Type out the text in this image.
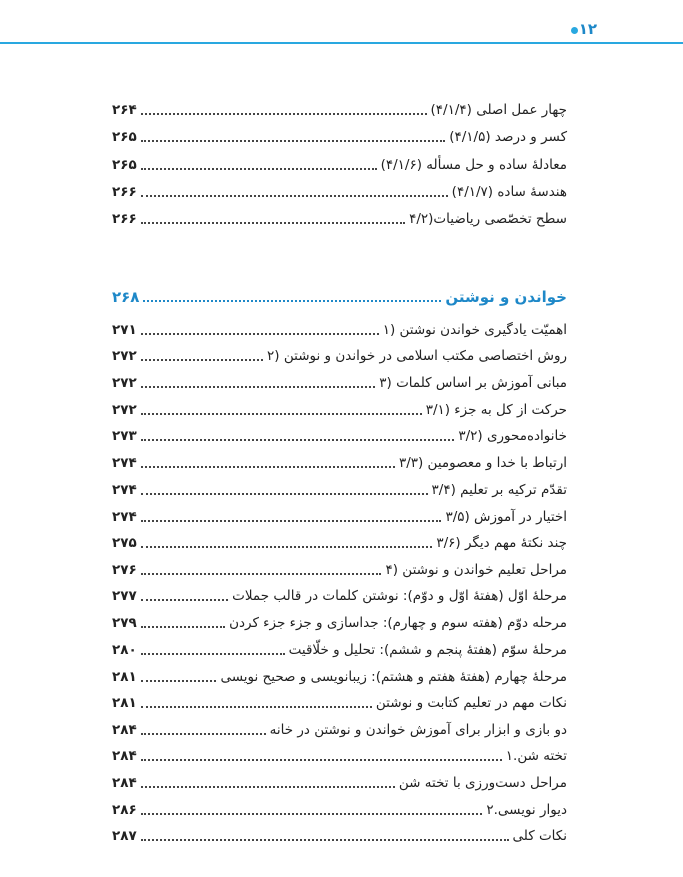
۱۲
(۴/۱/۴) چهار عمل اصلی
۲۶۴
(۴/۱/۵) کسر و درصد
۲۶۵
(۴/۱/۶) معادلهٔ ساده و حل مسأله
۲۶۵
(۴/۱/۷) هندسهٔ ساده
۲۶۶
۴/۲)سطح تخصّصی ریاضیات
۲۶۶
خواندن و نوشتن
۲۶۸
۱) اهمیّت یادگیری خواندن نوشتن
۲۷۱
۲) روش اختصاصی مکتب اسلامی در خواندن و نوشتن
۲۷۲
۳) مبانی آموزش بر اساس کلمات
۲۷۲
۳/۱) حرکت از کل به جزء
۲۷۲
۳/۲) خانواده‌محوری
۲۷۳
۳/۳) ارتباط با خدا و معصومین
۲۷۴
۳/۴) تقدّم ترکیه بر تعلیم
۲۷۴
۳/۵) اختیار در آموزش
۲۷۴
۳/۶) چند نکتهٔ مهم دیگر
۲۷۵
۴) مراحل تعلیم خواندن و نوشتن
۲۷۶
مرحلهٔ اوّل (هفتهٔ اوّل و دوّم): نوشتن کلمات در قالب جملات
۲۷۷
مرحله دوّم (هفته سوم و چهارم): جداسازی و جزء جزء کردن
۲۷۹
مرحلهٔ سوّم (هفتهٔ پنجم و ششم): تحلیل و خلّاقیت
۲۸۰
مرحلهٔ چهارم (هفتهٔ هفتم و هشتم): زیبانویسی و صحیح نویسی
۲۸۱
نکات مهم در تعلیم کتابت و نوشتن
۲۸۱
دو بازی و ابزار برای آموزش خواندن و نوشتن در خانه
۲۸۴
۱.تخته شن
۲۸۴
مراحل دست‌ورزی با تخته شن
۲۸۴
۲.دیوار نویسی
۲۸۶
نکات کلی
۲۸۷
